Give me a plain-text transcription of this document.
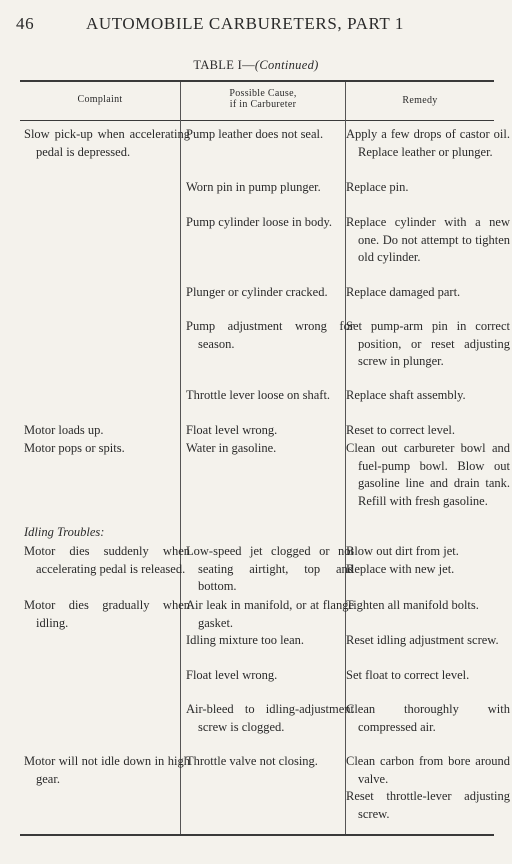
46	AUTOMOBILE CARBURETERS, PART 1
TABLE I—(Continued)
Complaint
Possible Cause,
if in Carbureter	Remedy
Slow pick-up when accelerating pedal is depressed.
Motor loads up.
Motor pops or spits.
Idling Troubles:
Motor dies suddenly when accelerating pedal is released.
Motor dies gradually when idling.
Motor will not idle down in high gear.
Pump leather does not seal.
Worn pin in pump plunger.
Pump cylinder loose in body.
Plunger or cylinder cracked.
Pump adjustment wrong for season.
Throttle lever loose on shaft.
Float level wrong.
Water in gasoline.
Low-speed jet clogged or not seating airtight, top and bottom.
Air leak in manifold, or at flange gasket.
Idling mixture too lean.
Float level wrong.
Air-bleed to idling-adjustment screw is clogged.
Throttle valve not closing.
Apply a few drops of castor oil. Replace leather or plunger.
Replace pin.
Replace cylinder with a new one. Do not attempt to tighten old cylinder.
Replace damaged part.
Set pump-arm pin in correct position, or reset adjusting screw in plunger.
Replace shaft assembly.
Reset to correct level.
Clean out carbureter bowl and fuel-pump bowl. Blow out gasoline line and drain tank. Refill with fresh gasoline.
Blow out dirt from jet.
Replace with new jet.
Tighten all manifold bolts.
Reset idling adjustment screw.
Set float to correct level.
Clean thoroughly with compressed air.
Clean carbon from bore around valve.
Reset throttle-lever adjusting screw.
